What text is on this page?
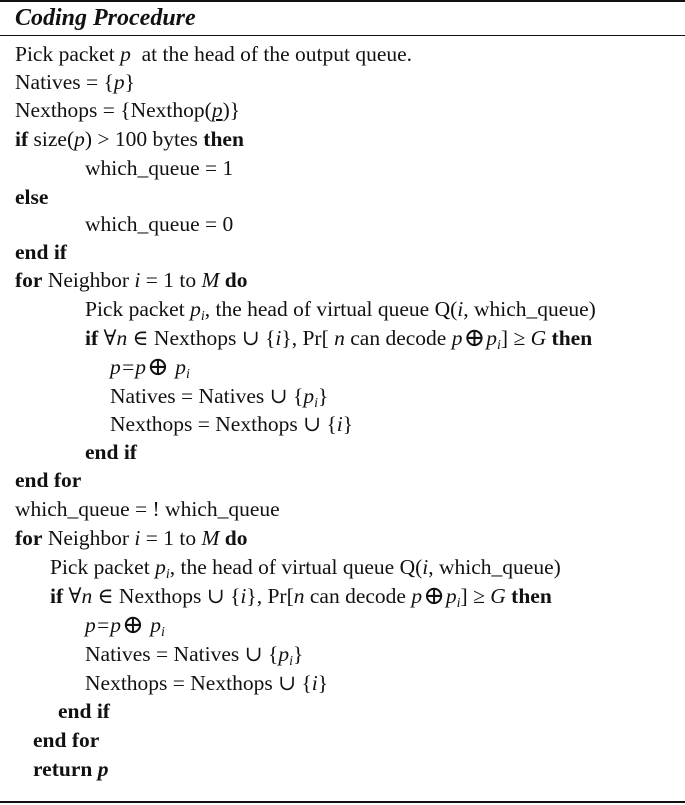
Coding Procedure
Pick packet p at the head of the output queue.
Natives = {p}
Nexthops = {Nexthop(p)}
if size(p) > 100 bytes then
which_queue = 1
else
which_queue = 0
end if
for Neighbor i = 1 to M do
Pick packet $p_i$, the head of virtual queue Q(i, which_queue)
if ∀n ∈ Nexthops ∪ {i}, Pr[ n can decode $p\oplus p_i] \ge G$ then
p=p⊕ $p_i$
Natives = Natives ∪ $\{p_i\}$
Nexthops = Nexthops ∪ {i}
end if
end for
which_queue = ! which_queue
for Neighbor i = 1 to M do
Pick packet $p_i$, the head of virtual queue Q(i, which_queue)
if ∀n ∈ Nexthops ∪ {i}, Pr[n can decode $p\oplus p_i] \ge G$ then
p=p⊕ $p_i$
Natives = Natives ∪ $\{p_i\}$
Nexthops = Nexthops ∪ {i}
end if
end for
return p
